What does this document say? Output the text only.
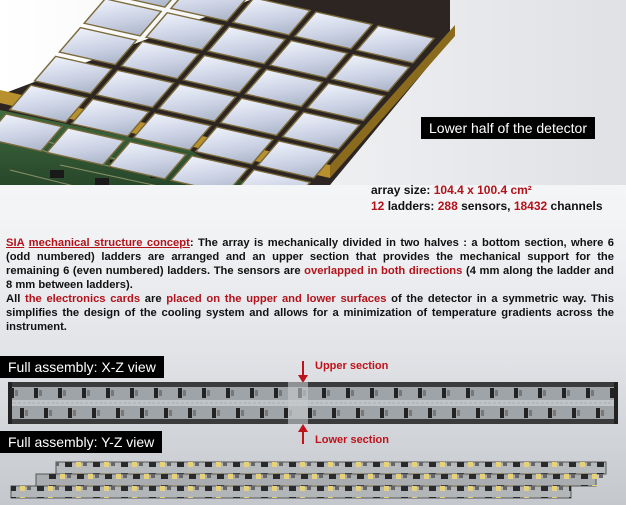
Lower half of the detector
array size: 104.4 x 100.4 cm²
12 ladders: 288 sensors, 18432 channels
SIA mechanical structure concept: The array is mechanically divided in two halves : a bottom section, where 6 (odd numbered) ladders are arranged and an upper section that provides the mechanical support for the remaining 6 (even numbered) ladders. The sensors are overlapped in both directions (4 mm along the ladder and 8 mm between ladders).
All the electronics cards are placed on the upper and lower surfaces of the detector in a symmetric way. This simplifies the design of the cooling system and allows for a minimization of temperature gradients across the instrument.
Full assembly: X-Z view	Upper section
Lower section
Full assembly: Y-Z view
